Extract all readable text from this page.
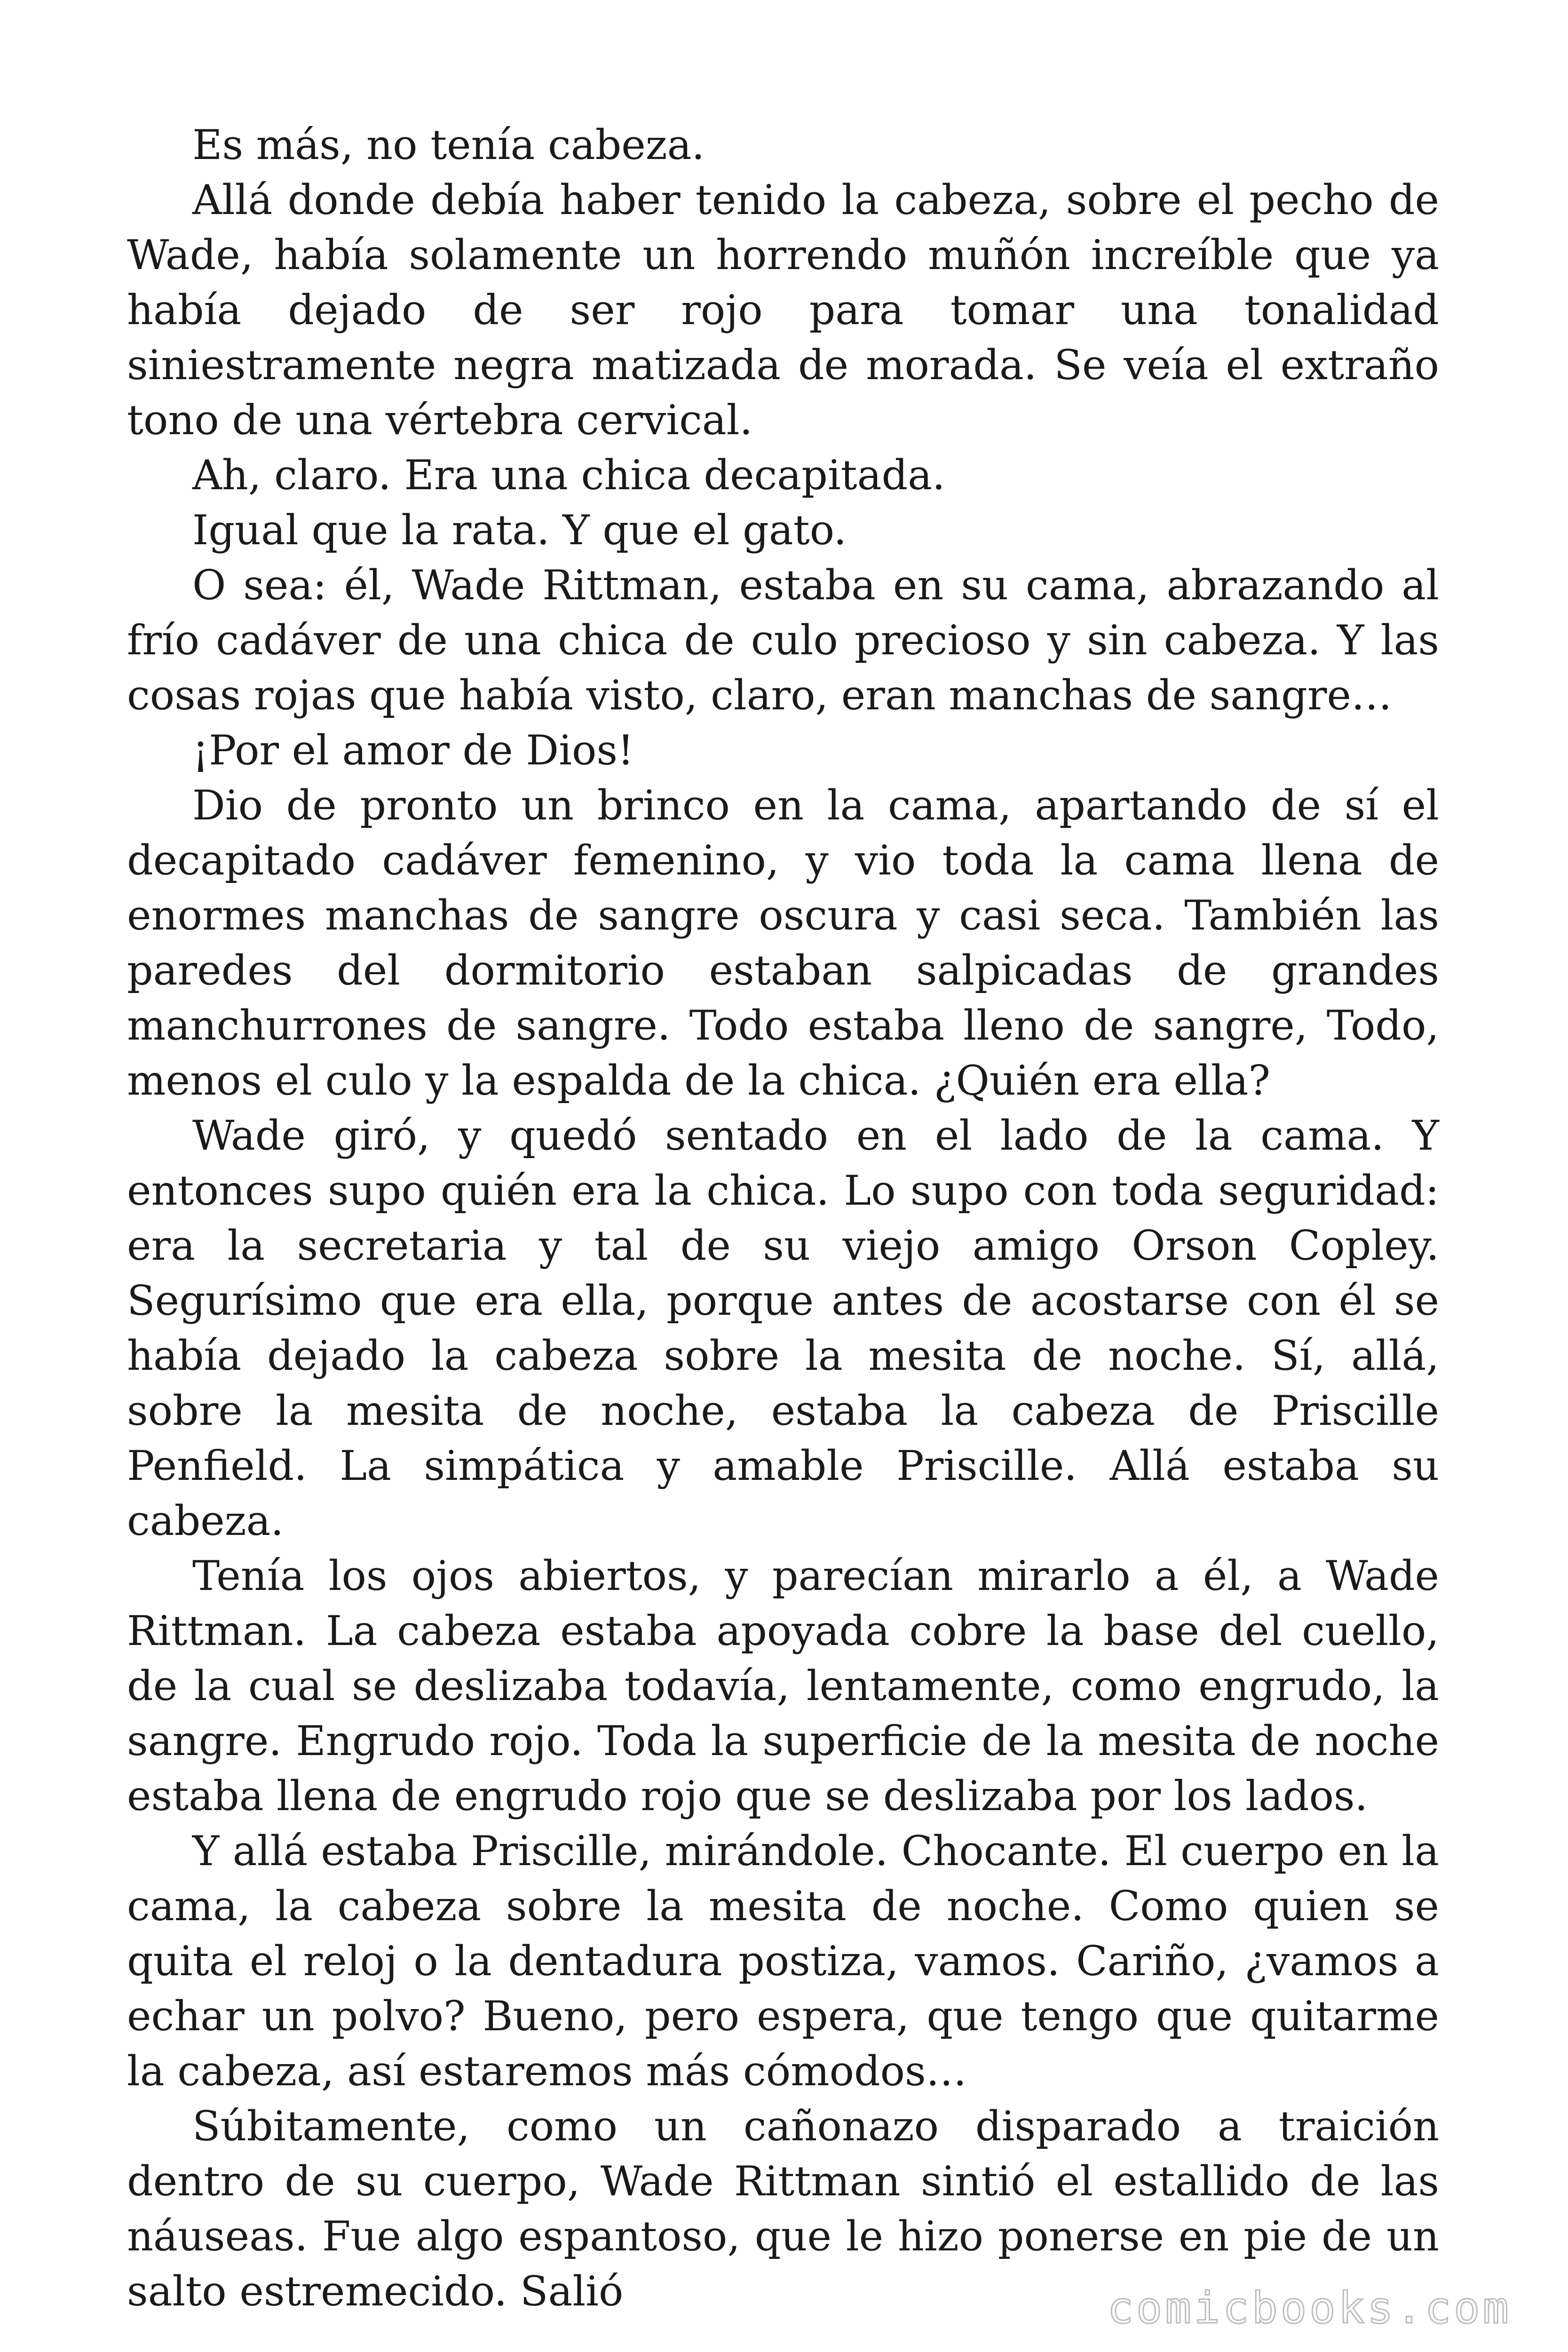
Es más, no tenía cabeza.

Allá donde debía haber tenido la cabeza, sobre el pecho de Wade, había solamente un horrendo muñón increíble que ya había dejado de ser rojo para tomar una tonalidad siniestramente negra matizada de morada. Se veía el extraño tono de una vértebra cervical.

Ah, claro. Era una chica decapitada.

Igual que la rata. Y que el gato.

O sea: él, Wade Rittman, estaba en su cama, abrazando al frío cadáver de una chica de culo precioso y sin cabeza. Y las cosas rojas que había visto, claro, eran manchas de sangre…

¡Por el amor de Dios!

Dio de pronto un brinco en la cama, apartando de sí el decapitado cadáver femenino, y vio toda la cama llena de enormes manchas de sangre oscura y casi seca. También las paredes del dormitorio estaban salpicadas de grandes manchurrones de sangre. Todo estaba lleno de sangre, Todo, menos el culo y la espalda de la chica. ¿Quién era ella?

Wade giró, y quedó sentado en el lado de la cama. Y entonces supo quién era la chica. Lo supo con toda seguridad: era la secretaria y tal de su viejo amigo Orson Copley. Segurísimo que era ella, porque antes de acostarse con él se había dejado la cabeza sobre la mesita de noche. Sí, allá, sobre la mesita de noche, estaba la cabeza de Priscille Penfield. La simpática y amable Priscille. Allá estaba su cabeza.

Tenía los ojos abiertos, y parecían mirarlo a él, a Wade Rittman. La cabeza estaba apoyada cobre la base del cuello, de la cual se deslizaba todavía, lentamente, como engrudo, la sangre. Engrudo rojo. Toda la superficie de la mesita de noche estaba llena de engrudo rojo que se deslizaba por los lados.

Y allá estaba Priscille, mirándole. Chocante. El cuerpo en la cama, la cabeza sobre la mesita de noche. Como quien se quita el reloj o la dentadura postiza, vamos. Cariño, ¿vamos a echar un polvo? Bueno, pero espera, que tengo que quitarme la cabeza, así estaremos más cómodos…

Súbitamente, como un cañonazo disparado a traición dentro de su cuerpo, Wade Rittman sintió el estallido de las náuseas. Fue algo espantoso, que le hizo ponerse en pie de un salto estremecido. Salió	comicbooks.com
